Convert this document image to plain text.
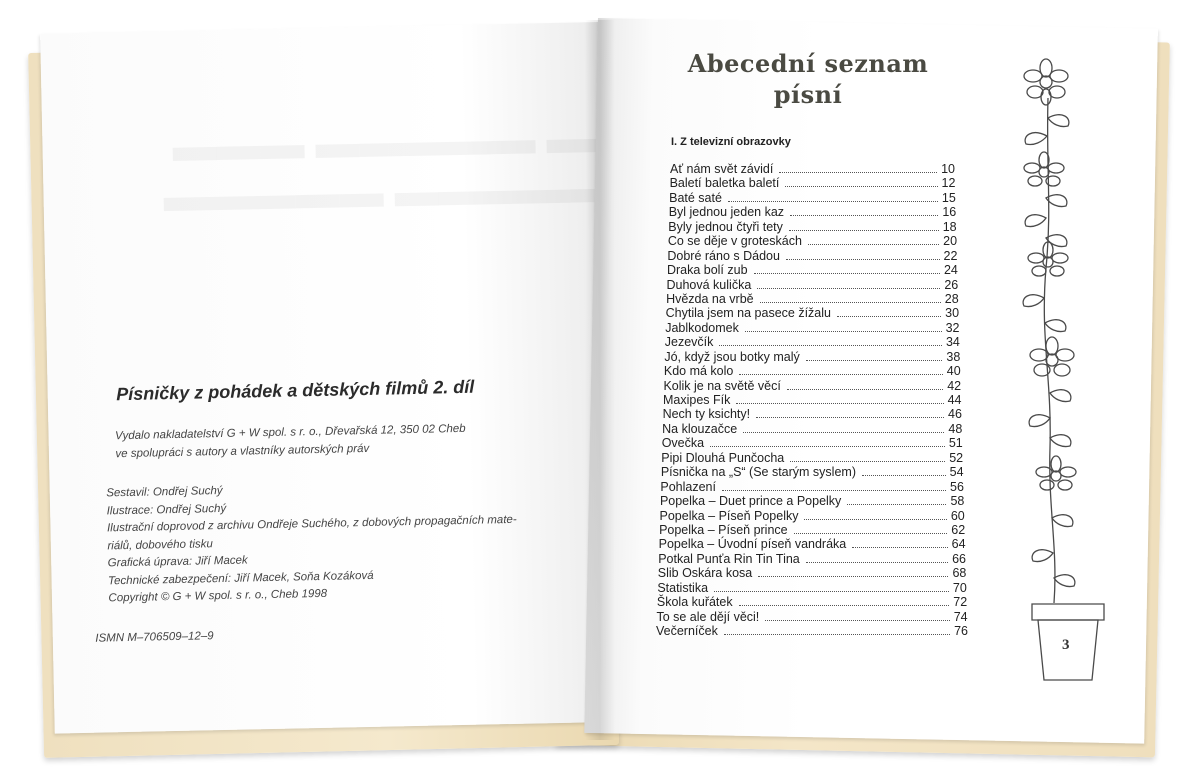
Písničky z pohádek a dětských filmů 2. díl
Vydalo nakladatelství G + W spol. s r. o., Dřevařská 12, 350 02 Cheb
ve spolupráci s autory a vlastníky autorských práv
Sestavil: Ondřej Suchý
Ilustrace: Ondřej Suchý
Ilustrační doprovod z archivu Ondřeje Suchého, z dobových propagačních mate-
riálů, dobového tisku
Grafická úprava: Jiří Macek
Technické zabezpečení: Jiří Macek, Soňa Kozáková
Copyright © G + W spol. s r. o., Cheb 1998
ISMN M–706509–12–9
Abecední seznam
písní
I. Z televizní obrazovky
Ať nám svět závidí	10
Baletí baletka baletí	12
Baté saté	15
Byl jednou jeden kaz	16
Byly jednou čtyři tety	18
Co se děje v groteskách	20
Dobré ráno s Dádou	22
Draka bolí zub	24
Duhová kulička	26
Hvězda na vrbě	28
Chytila jsem na pasece žížalu	30
Jablkodomek	32
Jezevčík	34
Jó, když jsou botky malý	38
Kdo má kolo	40
Kolik je na světě věcí	42
Maxipes Fík	44
Nech ty ksichty!	46
Na klouzačce	48
Ovečka	51
Pipi Dlouhá Punčocha	52
Písnička na „S“ (Se starým syslem)	54
Pohlazení	56
Popelka – Duet prince a Popelky	58
Popelka – Píseň Popelky	60
Popelka – Píseň prince	62
Popelka – Úvodní píseň vandráka	64
Potkal Punťa Rin Tin Tina	66
Slib Oskára kosa	68
Statistika	70
Škola kuřátek	72
To se ale dějí věci!	74
Večerníček	76
3
